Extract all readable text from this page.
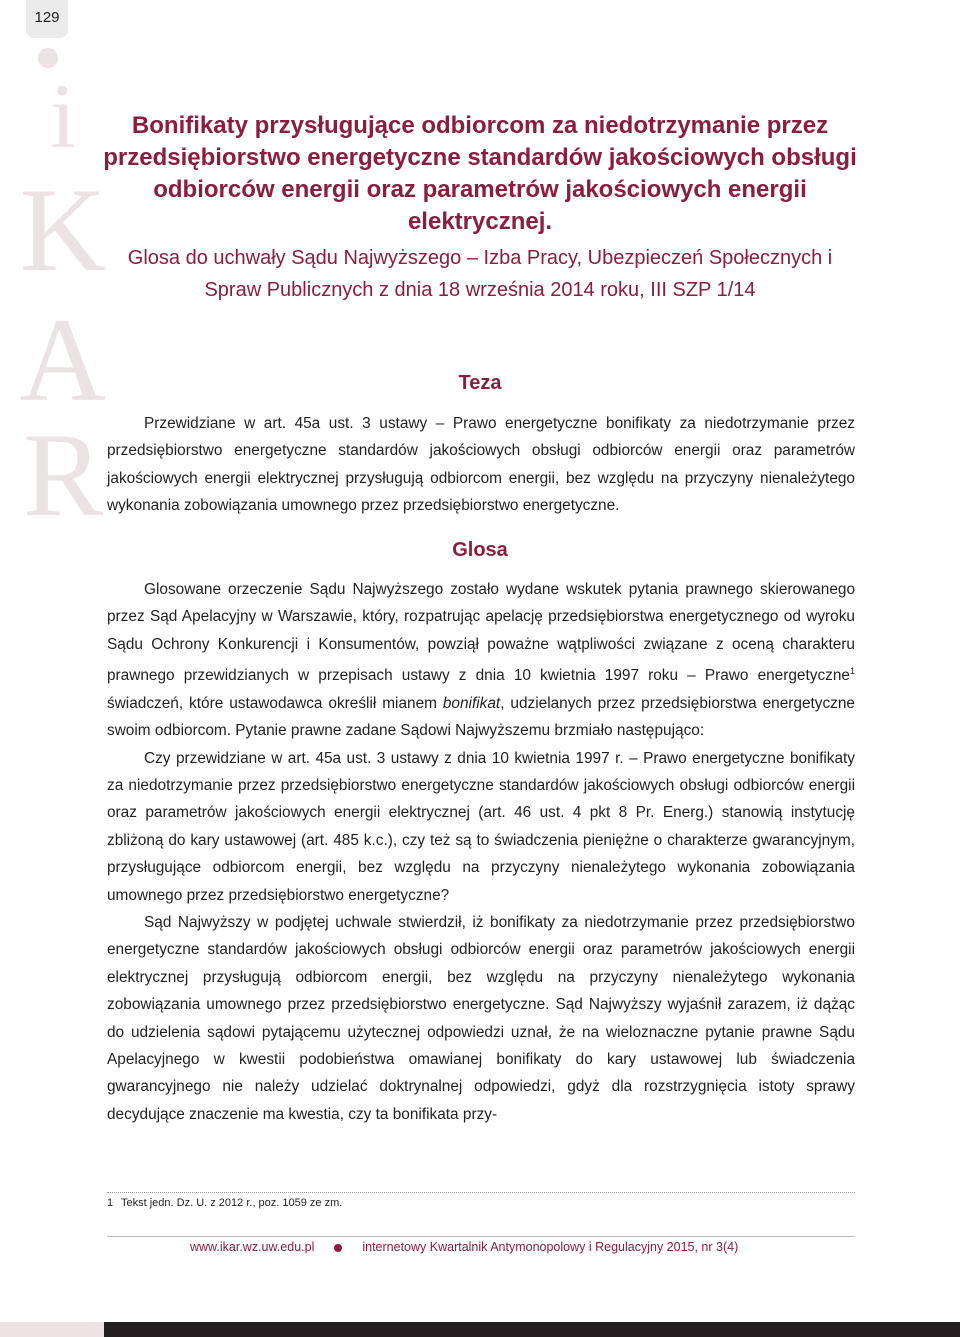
129
i
K
A
R
Bonifikaty przysługujące odbiorcom za niedotrzymanie przez przedsiębiorstwo energetyczne standardów jakościowych obsługi odbiorców energii oraz parametrów jakościowych energii elektrycznej.

Glosa do uchwały Sądu Najwyższego – Izba Pracy, Ubezpieczeń Społecznych i Spraw Publicznych z dnia 18 września 2014 roku, III SZP 1/14

Teza

Przewidziane w art. 45a ust. 3 ustawy – Prawo energetyczne bonifikaty za niedotrzymanie przez przedsiębiorstwo energetyczne standardów jakościowych obsługi odbiorców energii oraz parametrów jakościowych energii elektrycznej przysługują odbiorcom energii, bez względu na przyczyny nienależytego wykonania zobowiązania umownego przez przedsiębiorstwo energetyczne.

Glosa

Glosowane orzeczenie Sądu Najwyższego zostało wydane wskutek pytania prawnego skierowanego przez Sąd Apelacyjny w Warszawie, który, rozpatrując apelację przedsiębiorstwa energetycznego od wyroku Sądu Ochrony Konkurencji i Konsumentów, powziął poważne wątpliwości związane z oceną charakteru prawnego przewidzianych w przepisach ustawy z dnia 10 kwietnia 1997 roku – Prawo energetyczne$^1$ świadczeń, które ustawodawca określił mianem bonifikat, udzielanych przez przedsiębiorstwa energetyczne swoim odbiorcom. Pytanie prawne zadane Sądowi Najwyższemu brzmiało następująco:

Czy przewidziane w art. 45a ust. 3 ustawy z dnia 10 kwietnia 1997 r. – Prawo energetyczne bonifikaty za niedotrzymanie przez przedsiębiorstwo energetyczne standardów jakościowych obsługi odbiorców energii oraz parametrów jakościowych energii elektrycznej (art. 46 ust. 4 pkt 8 Pr. Energ.) stanowią instytucję zbliżoną do kary ustawowej (art. 485 k.c.), czy też są to świadczenia pieniężne o charakterze gwarancyjnym, przysługujące odbiorcom energii, bez względu na przyczyny nienależytego wykonania zobowiązania umownego przez przedsiębiorstwo energetyczne?

Sąd Najwyższy w podjętej uchwale stwierdził, iż bonifikaty za niedotrzymanie przez przedsiębiorstwo energetyczne standardów jakościowych obsługi odbiorców energii oraz parametrów jakościowych energii elektrycznej przysługują odbiorcom energii, bez względu na przyczyny nienależytego wykonania zobowiązania umownego przez przedsiębiorstwo energetyczne. Sąd Najwyższy wyjaśnił zarazem, iż dążąc do udzielenia sądowi pytającemu użytecznej odpowiedzi uznał, że na wieloznaczne pytanie prawne Sądu Apelacyjnego w kwestii podobieństwa omawianej bonifikaty do kary ustawowej lub świadczenia gwarancyjnego nie należy udzielać doktrynalnej odpowiedzi, gdyż dla rozstrzygnięcia istoty sprawy decydujące znaczenie ma kwestia, czy ta bonifikata przy-

1 Tekst jedn. Dz. U. z 2012 r., poz. 1059 ze zm.
www.ikar.wz.uw.edu.pl	internetowy Kwartalnik Antymonopolowy i Regulacyjny 2015, nr 3(4)
